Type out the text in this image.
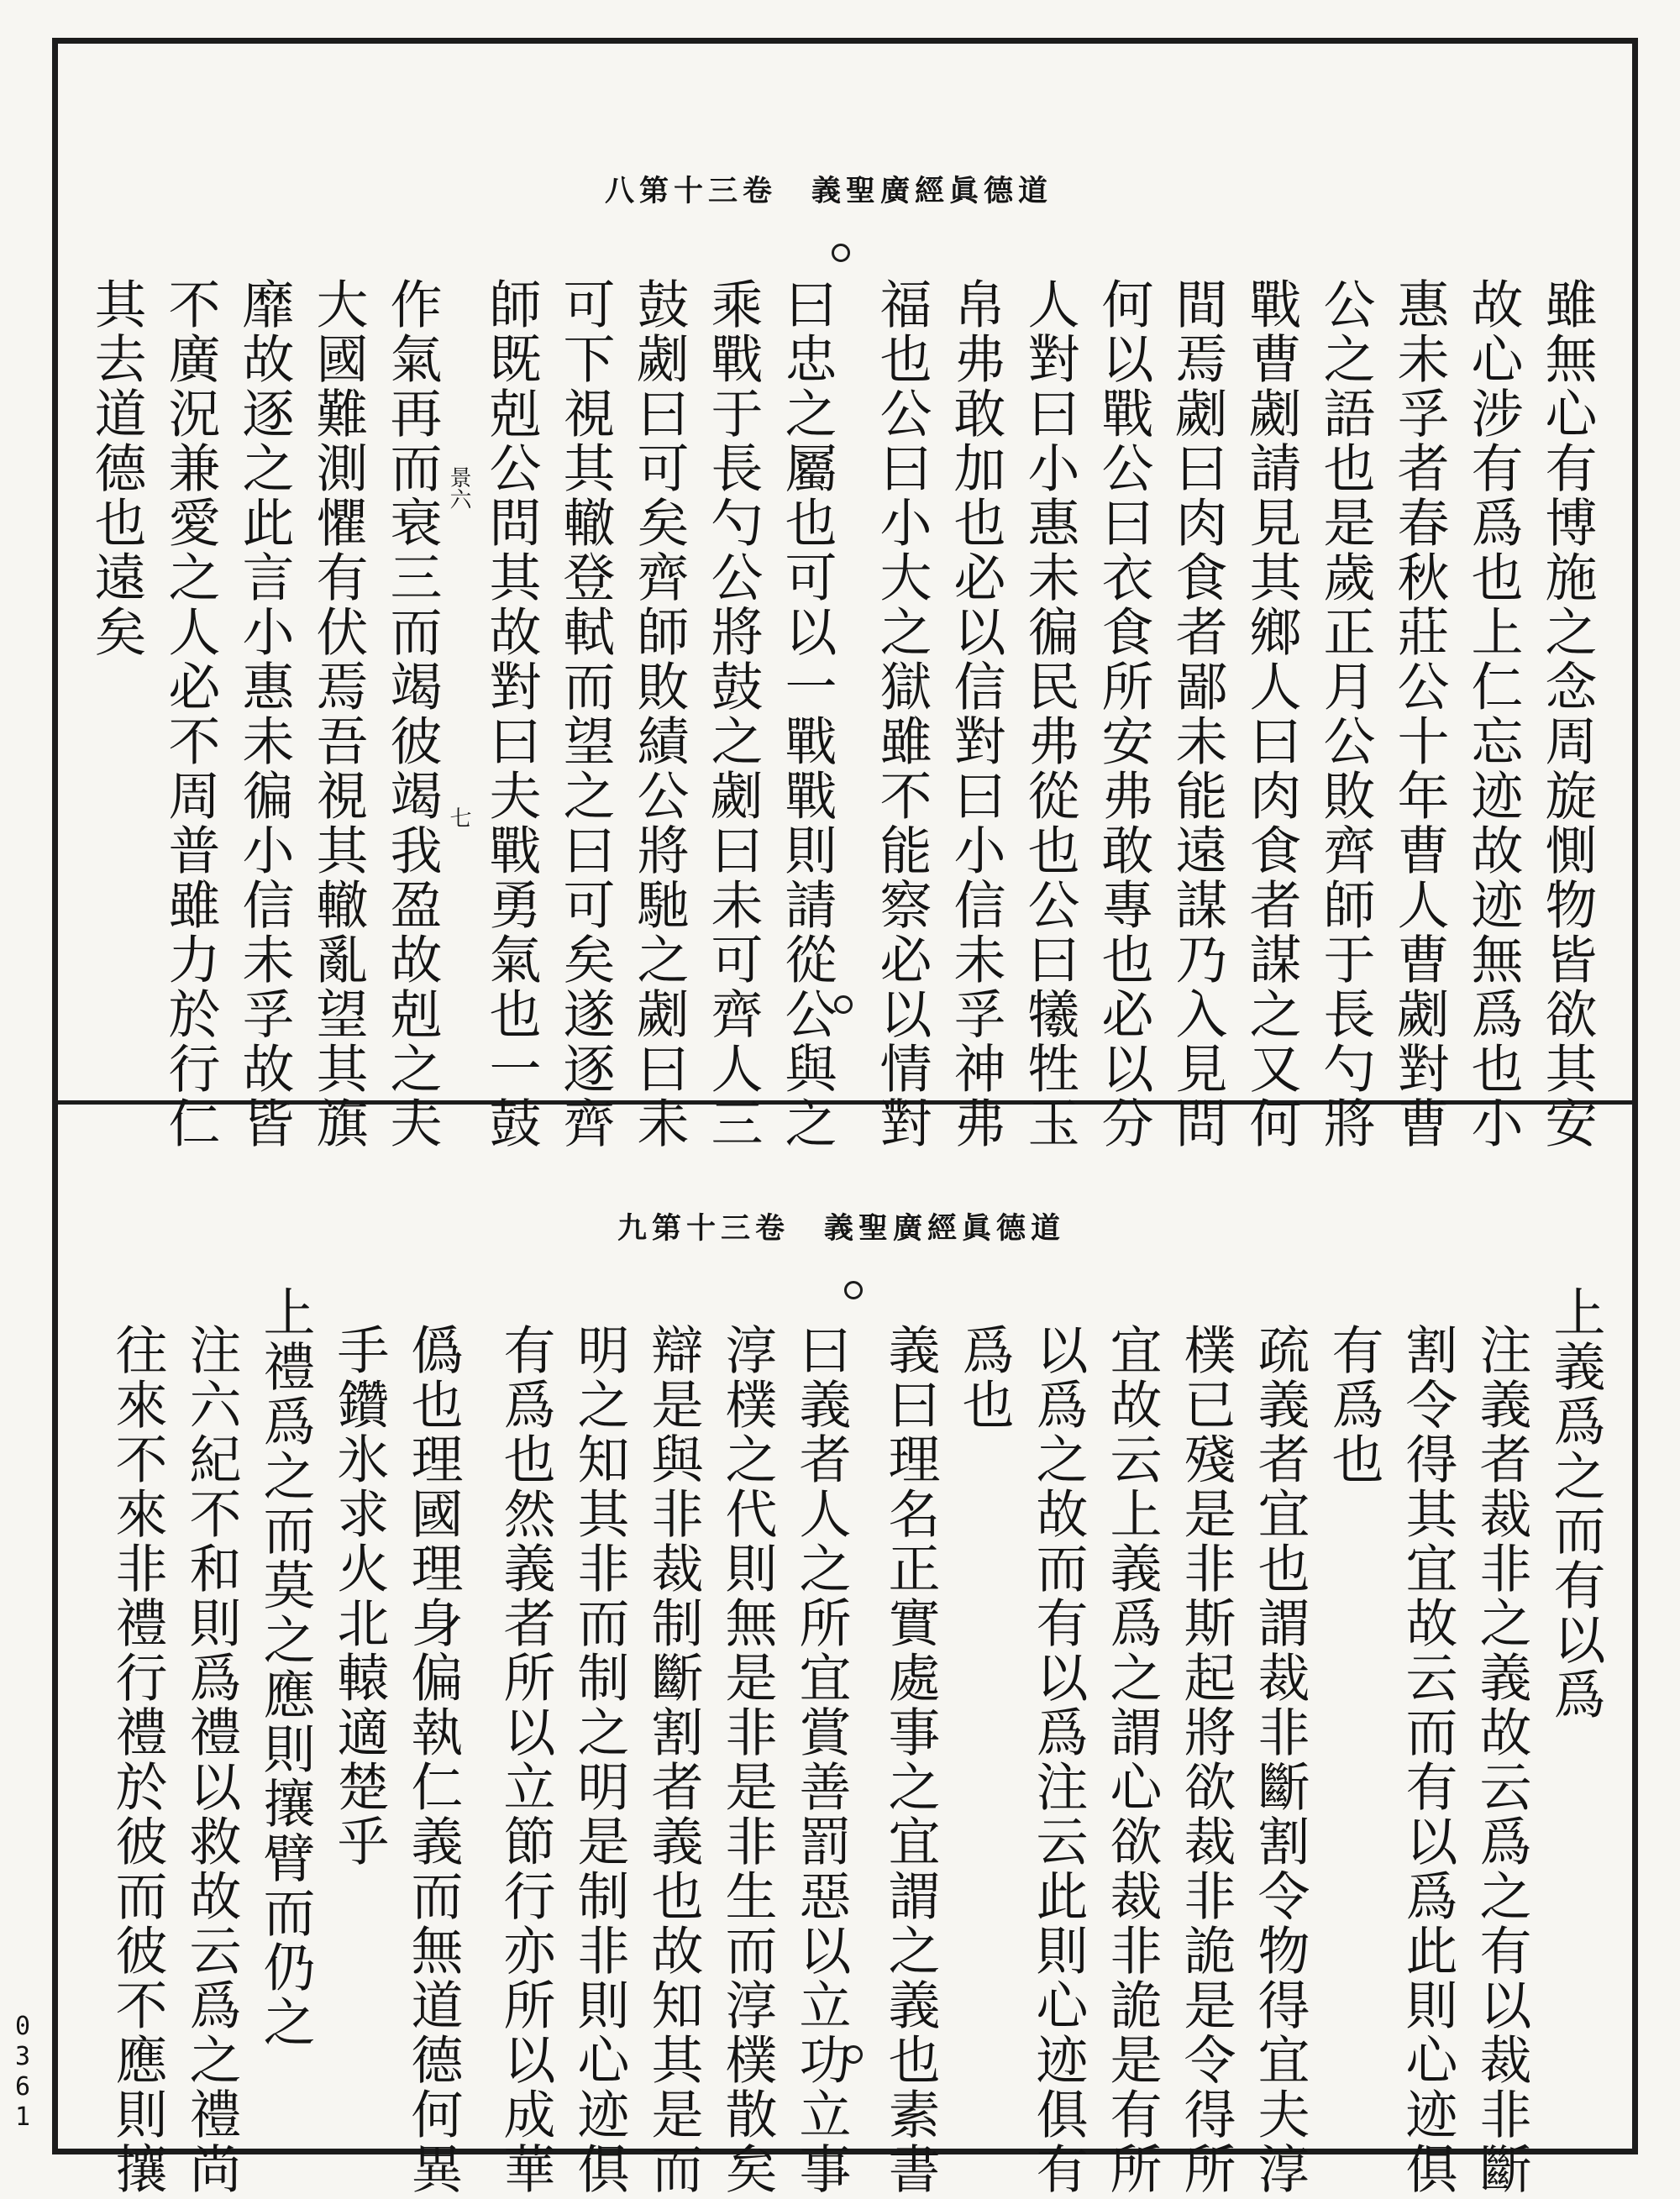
八第十三卷　義聖廣經眞德道
雖無心有博施之念周旋惻物皆欲其安
故心涉有爲也上仁忘迹故迹無爲也小
惠未孚者春秋莊公十年曹人曹劌對曹
公之語也是歲正月公敗齊師于長勺將
戰曹劌請見其鄉人曰肉食者謀之又何
間焉劌曰肉食者鄙未能遠謀乃入見問
何以戰公曰衣食所安弗敢專也必以分
人對曰小惠未徧民弗從也公曰犧牲玉
帛弗敢加也必以信對曰小信未孚神弗
福也公曰小大之獄雖不能察必以情對
曰忠之屬也可以一戰戰則請從公與之
乘戰于長勺公將鼓之劌曰未可齊人三
鼓劌曰可矣齊師敗績公將馳之劌曰未
可下視其轍登軾而望之曰可矣遂逐齊
師既剋公問其故對曰夫戰勇氣也一鼓
作氣再而衰三而竭彼竭我盈故剋之夫
大國難測懼有伏焉吾視其轍亂望其旗
靡故逐之此言小惠未徧小信未孚故皆
不廣況兼愛之人必不周普雖力於行仁
其去道德也遠矣	景六
七
九第十三卷　義聖廣經眞德道
上義爲之而有以爲
注義者裁非之義故云爲之有以裁非斷
割令得其宜故云而有以爲此則心迹俱
有爲也
疏義者宜也謂裁非斷割令物得宜夫淳
樸已殘是非斯起將欲裁非詭是令得所
宜故云上義爲之謂心欲裁非詭是有所
以爲之故而有以爲注云此則心迹俱有
爲也
義曰理名正實處事之宜謂之義也素書
曰義者人之所宜賞善罰惡以立功立事
淳樸之代則無是非是非生而淳樸散矣
辯是與非裁制斷割者義也故知其是而
明之知其非而制之明是制非則心迹俱
有爲也然義者所以立節行亦所以成華
僞也理國理身偏執仁義而無道德何異
手鑽氷求火北轅適楚乎
上禮爲之而莫之應則攘臂而仍之
注六紀不和則爲禮以救故云爲之禮尚
往來不來非禮行禮於彼而彼不應則攘
0361
